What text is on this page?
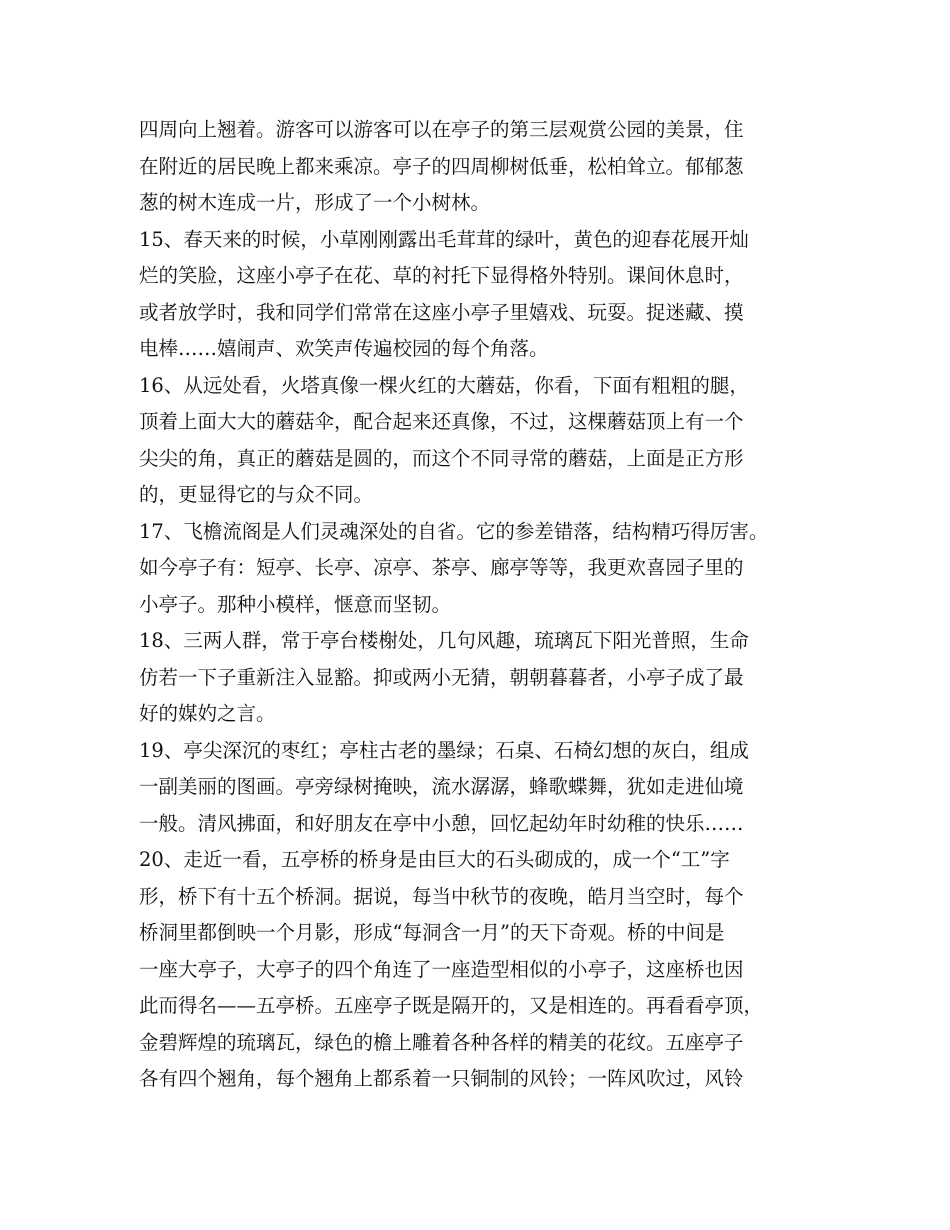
四周向上翘着。游客可以游客可以在亭子的第三层观赏公园的美景，住
在附近的居民晚上都来乘凉。亭子的四周柳树低垂，松柏耸立。郁郁葱
葱的树木连成一片，形成了一个小树林。
15、春天来的时候，小草刚刚露出毛茸茸的绿叶，黄色的迎春花展开灿
烂的笑脸，这座小亭子在花、草的衬托下显得格外特别。课间休息时，
或者放学时，我和同学们常常在这座小亭子里嬉戏、玩耍。捉迷藏、摸
电棒……嬉闹声、欢笑声传遍校园的每个角落。
16、从远处看，火塔真像一棵火红的大蘑菇，你看，下面有粗粗的腿，
顶着上面大大的蘑菇伞，配合起来还真像，不过，这棵蘑菇顶上有一个
尖尖的角，真正的蘑菇是圆的，而这个不同寻常的蘑菇，上面是正方形
的，更显得它的与众不同。
17、飞檐流阁是人们灵魂深处的自省。它的参差错落，结构精巧得厉害。
如今亭子有：短亭、长亭、凉亭、茶亭、廊亭等等，我更欢喜园子里的
小亭子。那种小模样，惬意而坚韧。
18、三两人群，常于亭台楼榭处，几句风趣，琉璃瓦下阳光普照，生命
仿若一下子重新注入显豁。抑或两小无猜，朝朝暮暮者，小亭子成了最
好的媒妁之言。
19、亭尖深沉的枣红；亭柱古老的墨绿；石桌、石椅幻想的灰白，组成
一副美丽的图画。亭旁绿树掩映，流水潺潺，蜂歌蝶舞，犹如走进仙境
一般。清风拂面，和好朋友在亭中小憩，回忆起幼年时幼稚的快乐……
20、走近一看，五亭桥的桥身是由巨大的石头砌成的，成一个“工”字
形，桥下有十五个桥洞。据说，每当中秋节的夜晚，皓月当空时，每个
桥洞里都倒映一个月影，形成“每洞含一月”的天下奇观。桥的中间是
一座大亭子，大亭子的四个角连了一座造型相似的小亭子，这座桥也因
此而得名——五亭桥。五座亭子既是隔开的，又是相连的。再看看亭顶，
金碧辉煌的琉璃瓦，绿色的檐上雕着各种各样的精美的花纹。五座亭子
各有四个翘角，每个翘角上都系着一只铜制的风铃；一阵风吹过，风铃
